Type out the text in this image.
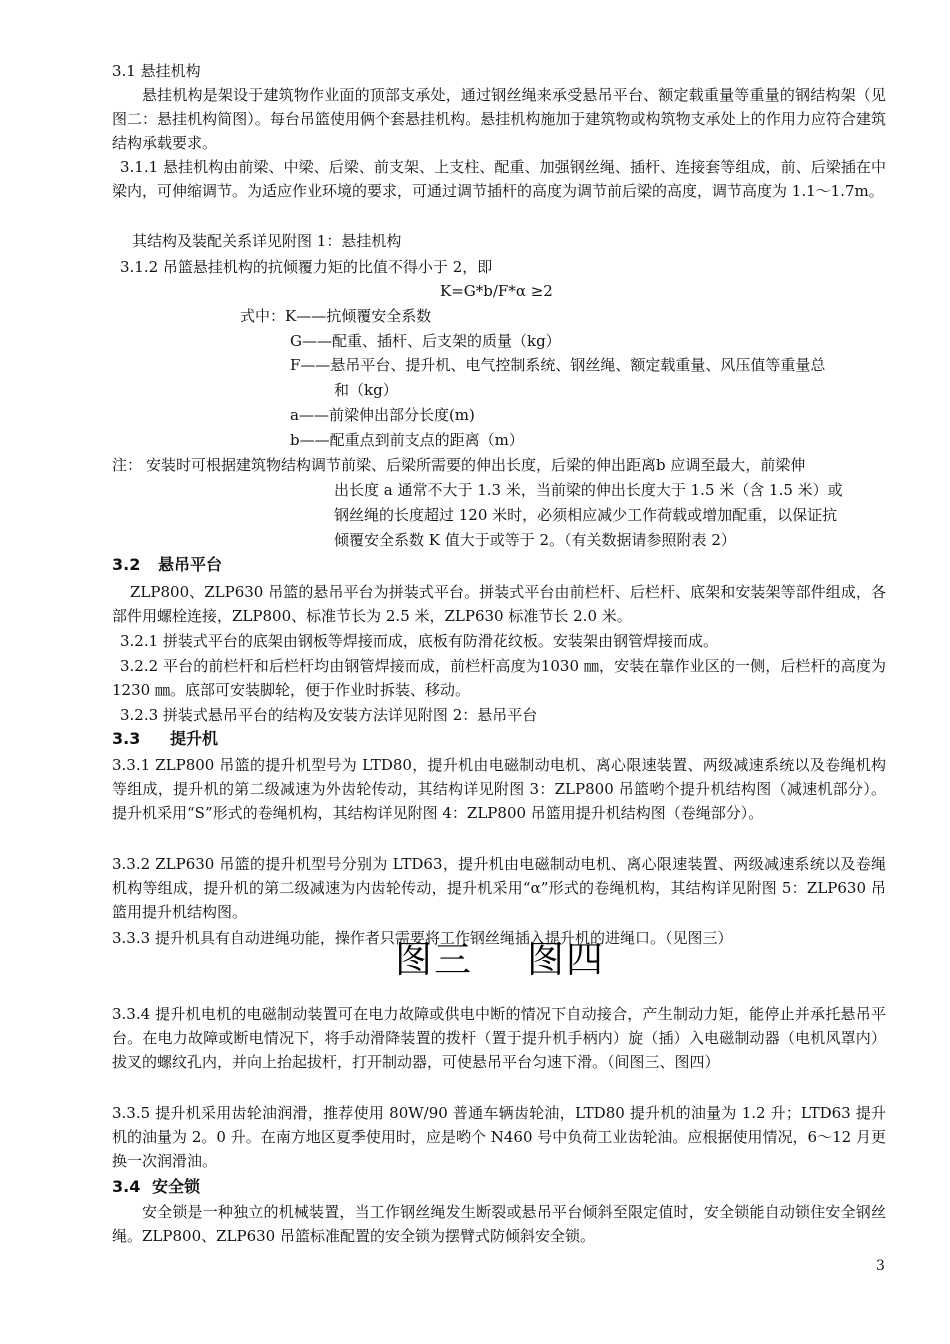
3.1 悬挂机构

悬挂机构是架设于建筑物作业面的顶部支承处，通过钢丝绳来承受悬吊平台、额定载重量等重量的钢结构架（见图二：悬挂机构简图）。每台吊篮使用俩个套悬挂机构。悬挂机构施加于建筑物或构筑物支承处上的作用力应符合建筑结构承载要求。

3.1.1 悬挂机构由前梁、中梁、后梁、前支架、上支柱、配重、加强钢丝绳、插杆、连接套等组成，前、后梁插在中梁内，可伸缩调节。为适应作业环境的要求，可通过调节插杆的高度为调节前后梁的高度，调节高度为 1.1～1.7m。

其结构及装配关系详见附图 1：悬挂机构

3.1.2 吊篮悬挂机构的抗倾覆力矩的比值不得小于 2，即

K=G*b/F*α ≥2

式中：K——抗倾覆安全系数

G——配重、插杆、后支架的质量（kg）

F——悬吊平台、提升机、电气控制系统、钢丝绳、额定载重量、风压值等重量总

和（kg）

a——前梁伸出部分长度(m)

b——配重点到前支点的距离（m）

注： 安装时可根据建筑物结构调节前梁、后梁所需要的伸出长度，后梁的伸出距离b 应调至最大，前梁伸

出长度 a 通常不大于 1.3 米，当前梁的伸出长度大于 1.5 米（含 1.5 米）或

钢丝绳的长度超过 120 米时，必须相应减少工作荷载或增加配重，以保证抗

倾覆安全系数 K 值大于或等于 2。（有关数据请参照附表 2）

3.2 悬吊平台

ZLP800、ZLP630 吊篮的悬吊平台为拼装式平台。拼装式平台由前栏杆、后栏杆、底架和安装架等部件组成，各部件用螺栓连接，ZLP800、标准节长为 2.5 米，ZLP630 标准节长 2.0 米。

3.2.1 拼装式平台的底架由钢板等焊接而成，底板有防滑花纹板。安装架由钢管焊接而成。

3.2.2 平台的前栏杆和后栏杆均由钢管焊接而成，前栏杆高度为1030 ㎜，安装在靠作业区的一侧，后栏杆的高度为 1230 ㎜。底部可安装脚轮，便于作业时拆装、移动。

3.2.3 拼装式悬吊平台的结构及安装方法详见附图 2：悬吊平台

3.3 提升机

3.3.1 ZLP800 吊篮的提升机型号为 LTD80，提升机由电磁制动电机、离心限速装置、两级减速系统以及卷绳机构等组成，提升机的第二级减速为外齿轮传动，其结构详见附图 3：ZLP800 吊篮哟个提升机结构图（减速机部分）。提升机采用“S”形式的卷绳机构，其结构详见附图 4：ZLP800 吊篮用提升机结构图（卷绳部分）。

3.3.2 ZLP630 吊篮的提升机型号分别为 LTD63，提升机由电磁制动电机、离心限速装置、两级减速系统以及卷绳机构等组成，提升机的第二级减速为内齿轮传动，提升机采用“α”形式的卷绳机构，其结构详见附图 5：ZLP630 吊篮用提升机结构图。

3.3.3 提升机具有自动进绳功能，操作者只需要将工作钢丝绳插入提升机的进绳口。（见图三）

图三 图四

3.3.4 提升机电机的电磁制动装置可在电力故障或供电中断的情况下自动接合，产生制动力矩，能停止并承托悬吊平台。在电力故障或断电情况下，将手动滑降装置的拨杆（置于提升机手柄内）旋（插）入电磁制动器（电机风罩内）拔叉的螺纹孔内，并向上抬起拔杆，打开制动器，可使悬吊平台匀速下滑。（间图三、图四）

3.3.5 提升机采用齿轮油润滑，推荐使用 80W/90 普通车辆齿轮油，LTD80 提升机的油量为 1.2 升；LTD63 提升机的油量为 2。0 升。在南方地区夏季使用时，应是哟个 N460 号中负荷工业齿轮油。应根据使用情况，6～12 月更换一次润滑油。

3.4 安全锁

安全锁是一种独立的机械装置，当工作钢丝绳发生断裂或悬吊平台倾斜至限定值时，安全锁能自动锁住安全钢丝绳。ZLP800、ZLP630 吊篮标准配置的安全锁为摆臂式防倾斜安全锁。

3
